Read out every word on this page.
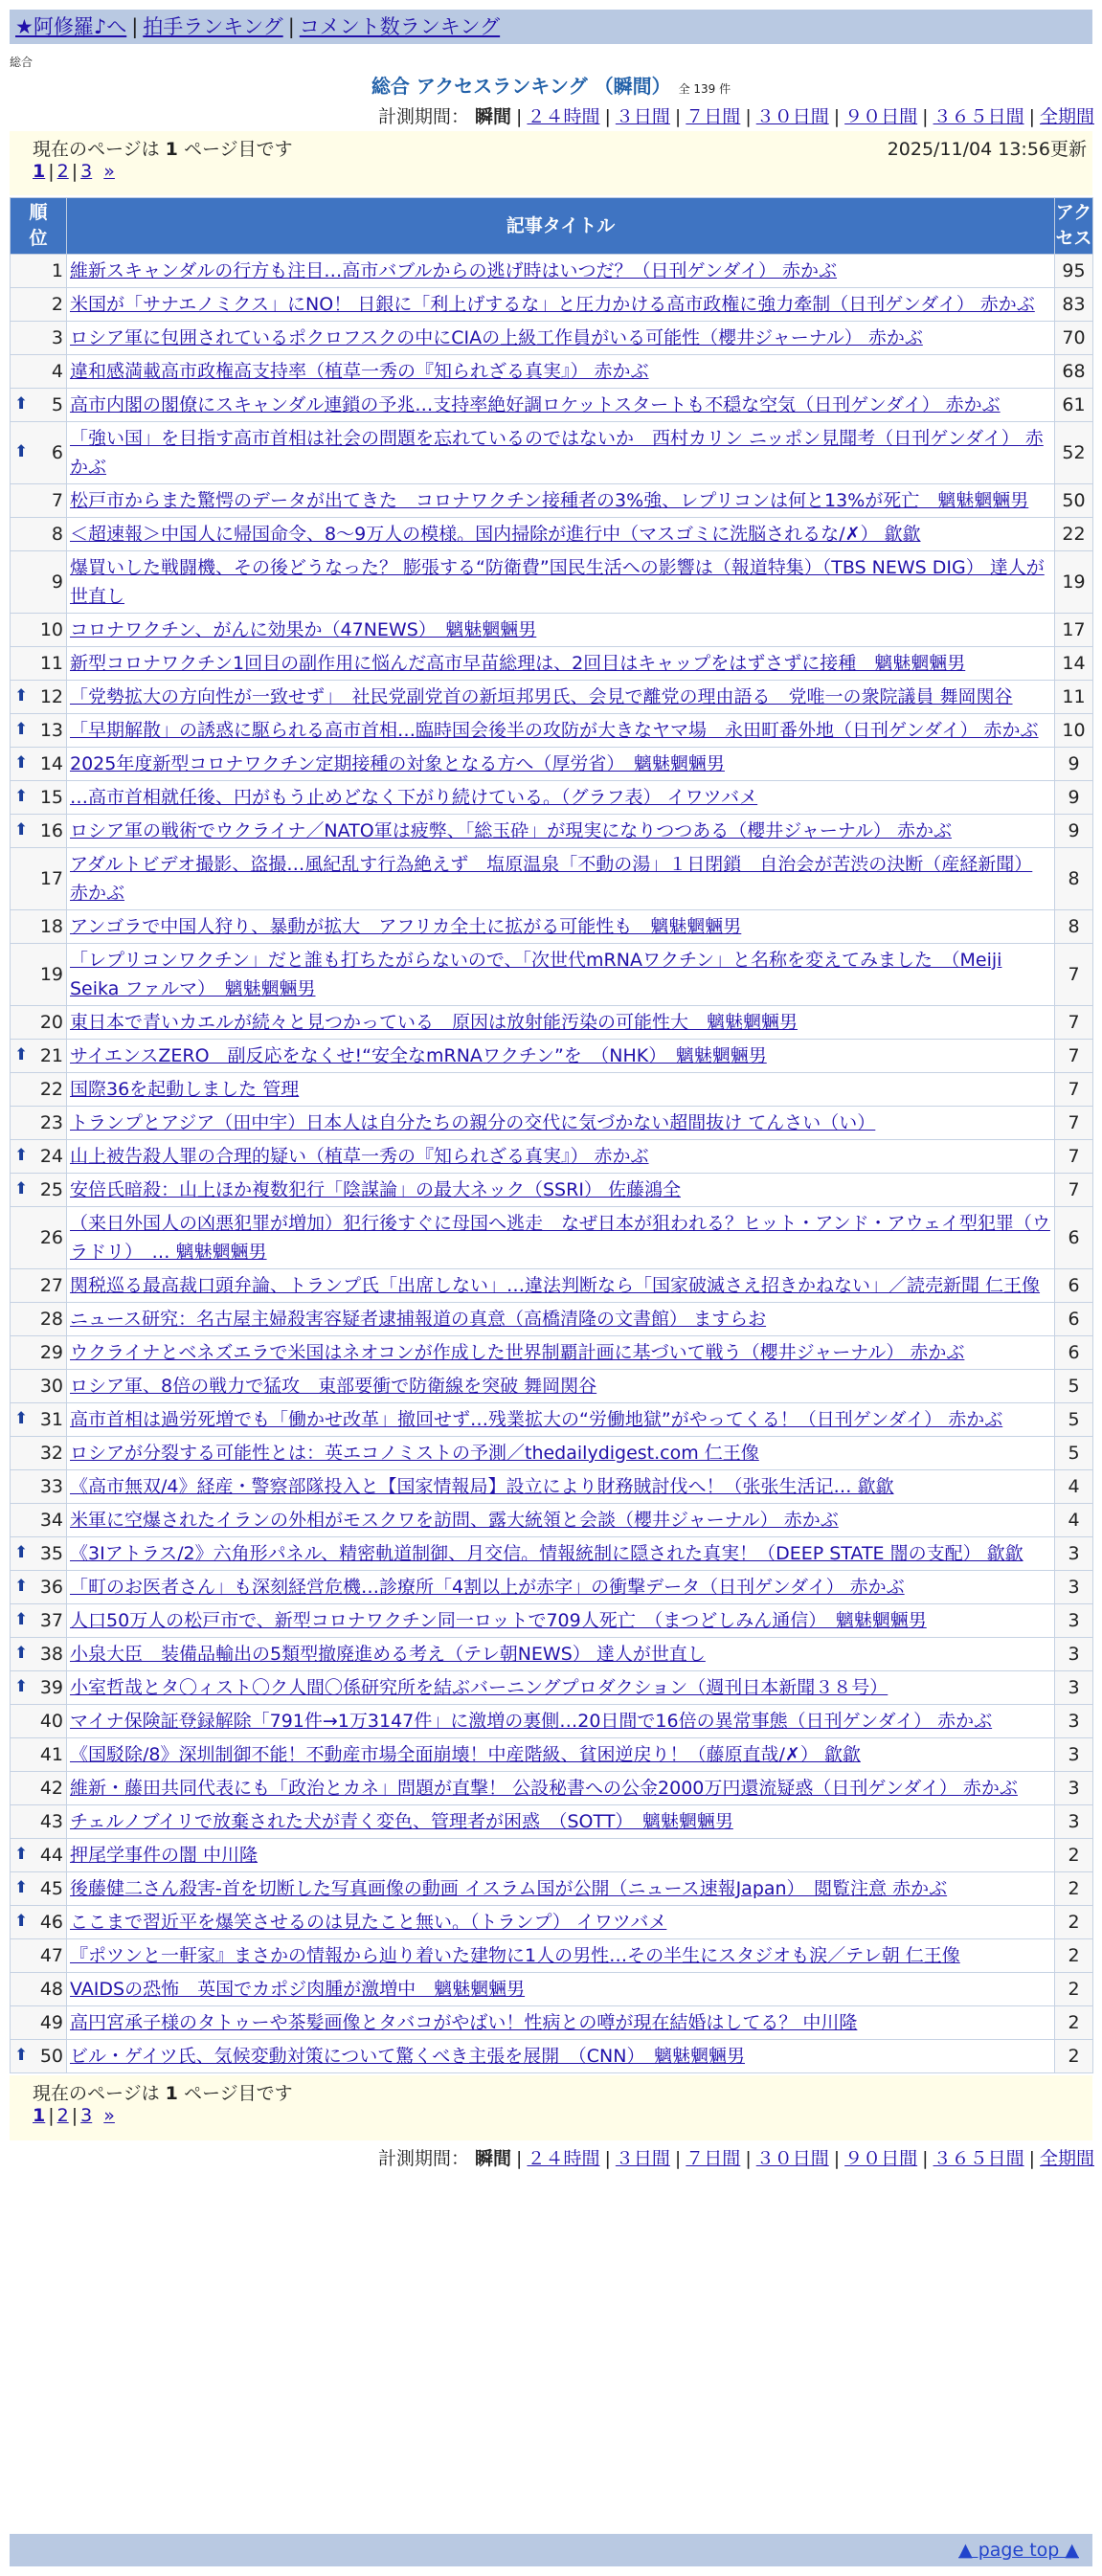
★阿修羅♪へ | 拍手ランキング | コメント数ランキング
総合
総合 アクセスランキング （瞬間） 全 139 件
計測期間： 瞬間 | ２４時間 | ３日間 | ７日間 | ３０日間 | ９０日間 | ３６５日間 | 全期間
現在のページは 1 ページ目です	2025/11/04 13:56更新
1 | 2 | 3 »
順
位	記事タイトル	アク
セス
1	維新スキャンダルの行方も注目…高市バブルからの逃げ時はいつだ？（日刊ゲンダイ） 赤かぶ	95
2	米国が「サナエノミクス」にNO！ 日銀に「利上げするな」と圧力かける高市政権に強力牽制（日刊ゲンダイ） 赤かぶ	83
3	ロシア軍に包囲されているポクロフスクの中にCIAの上級工作員がいる可能性（櫻井ジャーナル） 赤かぶ	70
4	違和感満載高市政権高支持率（植草一秀の『知られざる真実』） 赤かぶ	68

⬆ 5	高市内閣の閣僚にスキャンダル連鎖の予兆…支持率絶好調ロケットスタートも不穏な空気（日刊ゲンダイ） 赤かぶ	61

⬆ 6	「強い国」を目指す高市首相は社会の問題を忘れているのではないか　西村カリン ニッポン見聞考（日刊ゲンダイ） 赤かぶ	52
7	松戸市からまた驚愕のデータが出てきた　コロナワクチン接種者の3%強、レプリコンは何と13%が死亡　魑魅魍魎男	50
8	＜超速報＞中国人に帰国命令、8～9万人の模様。国内掃除が進行中（マスゴミに洗脳されるな/✗） 歙歙	22
9	爆買いした戦闘機、その後どうなった？ 膨張する“防衛費”国民生活への影響は（報道特集）（TBS NEWS DIG） 達人が世直し	19
10	コロナワクチン、がんに効果か（47NEWS）　魑魅魍魎男	17
11	新型コロナワクチン1回目の副作用に悩んだ高市早苗総理は、2回目はキャップをはずさずに接種　魑魅魍魎男	14

⬆ 12	「党勢拡大の方向性が一致せず」　社民党副党首の新垣邦男氏、会見で離党の理由語る　党唯一の衆院議員 舞岡関谷	11

⬆ 13	「早期解散」の誘惑に駆られる高市首相…臨時国会後半の攻防が大きなヤマ場　永田町番外地（日刊ゲンダイ） 赤かぶ	10

⬆ 14	2025年度新型コロナワクチン定期接種の対象となる方へ（厚労省）　魑魅魍魎男	9

⬆ 15	…高市首相就任後、円がもう止めどなく下がり続けている。（グラフ表） イワツバメ	9

⬆ 16	ロシア軍の戦術でウクライナ／NATO軍は疲弊、「総玉砕」が現実になりつつある（櫻井ジャーナル） 赤かぶ	9
17	アダルトビデオ撮影、盗撮…風紀乱す行為絶えず　塩原温泉「不動の湯」１日閉鎖　自治会が苦渋の決断（産経新聞） 赤かぶ	8
18	アンゴラで中国人狩り、暴動が拡大　アフリカ全土に拡がる可能性も　魑魅魍魎男	8
19	「レプリコンワクチン」だと誰も打ちたがらないので、「次世代mRNAワクチン」と名称を変えてみました　（Meiji Seika ファルマ）　魑魅魍魎男	7
20	東日本で青いカエルが続々と見つかっている　原因は放射能汚染の可能性大　魑魅魍魎男	7

⬆ 21	サイエンスZERO　副反応をなくせ!“安全なmRNAワクチン”を　（NHK）　魑魅魍魎男	7
22	国際36を起動しました 管理	7
23	トランプとアジア（田中宇）日本人は自分たちの親分の交代に気づかない超間抜け てんさい（い）	7

⬆ 24	山上被告殺人罪の合理的疑い（植草一秀の『知られざる真実』） 赤かぶ	7

⬆ 25	安倍氏暗殺：山上ほか複数犯行「陰謀論」の最大ネック（SSRI） 佐藤鴻全	7
26	（来日外国人の凶悪犯罪が増加）犯行後すぐに母国へ逃走　なぜ日本が狙われる？ヒット・アンド・アウェイ型犯罪（ウラドリ）　… 魑魅魍魎男	6
27	関税巡る最高裁口頭弁論、トランプ氏「出席しない」…違法判断なら「国家破滅さえ招きかねない」／読売新聞 仁王像	6
28	ニュース研究：名古屋主婦殺害容疑者逮捕報道の真意（高橋清隆の文書館） ますらお	6
29	ウクライナとベネズエラで米国はネオコンが作成した世界制覇計画に基づいて戦う（櫻井ジャーナル） 赤かぶ	6
30	ロシア軍、8倍の戦力で猛攻　東部要衝で防衛線を突破 舞岡関谷	5

⬆ 31	高市首相は過労死増でも「働かせ改革」撤回せず…残業拡大の“労働地獄”がやってくる！（日刊ゲンダイ） 赤かぶ	5
32	ロシアが分裂する可能性とは：英エコノミストの予測／thedailydigest.com 仁王像	5
33	《高市無双/4》経産・警察部隊投入と【国家情報局】設立により財務賊討伐へ！（张张生活记… 歙歙	4
34	米軍に空爆されたイランの外相がモスクワを訪問、露大統領と会談（櫻井ジャーナル） 赤かぶ	4

⬆ 35	《3Iアトラス/2》六角形パネル、精密軌道制御、月交信。情報統制に隠された真実！（DEEP STATE 闇の支配） 歙歙	3

⬆ 36	「町のお医者さん」も深刻経営危機…診療所「4割以上が赤字」の衝撃データ（日刊ゲンダイ） 赤かぶ	3

⬆ 37	人口50万人の松戸市で、新型コロナワクチン同一ロットで709人死亡　（まつどしみん通信）　魑魅魍魎男	3

⬆ 38	小泉大臣　装備品輸出の5類型撤廃進める考え（テレ朝NEWS） 達人が世直し	3

⬆ 39	小室哲哉とタ〇ィスト〇ク人間〇係研究所を結ぶバーニングプロダクション（週刊日本新聞３８号）	3
40	マイナ保険証登録解除「791件→1万3147件」に激増の裏側…20日間で16倍の異常事態（日刊ゲンダイ） 赤かぶ	3
41	《国駁除/8》深圳制御不能！不動産市場全面崩壊！中産階級、貧困逆戻り！（藤原直哉/✗） 歙歙	3
42	維新・藤田共同代表にも「政治とカネ」問題が直撃！ 公設秘書への公金2000万円還流疑惑（日刊ゲンダイ） 赤かぶ	3
43	チェルノブイリで放棄された犬が青く変色、管理者が困惑　（SOTT）　魑魅魍魎男	3

⬆ 44	押尾学事件の闇 中川隆	2

⬆ 45	後藤健二さん殺害-首を切断した写真画像の動画 イスラム国が公開（ニュース速報Japan）　閲覧注意 赤かぶ	2

⬆ 46	ここまで習近平を爆笑させるのは見たこと無い。（トランプ） イワツバメ	2
47	『ポツンと一軒家』まさかの情報から辿り着いた建物に1人の男性…その半生にスタジオも涙／テレ朝 仁王像	2
48	VAIDSの恐怖　英国でカポジ肉腫が激増中　魑魅魍魎男	2
49	高円宮承子様のタトゥーや茶髪画像とタバコがやばい！性病との噂が現在結婚はしてる？ 中川隆	2

⬆ 50	ビル・ゲイツ氏、気候変動対策について驚くべき主張を展開　（CNN）　魑魅魍魎男	2
現在のページは 1 ページ目です
1 | 2 | 3 »
計測期間： 瞬間 | ２４時間 | ３日間 | ７日間 | ３０日間 | ９０日間 | ３６５日間 | 全期間
▲ page top ▲
